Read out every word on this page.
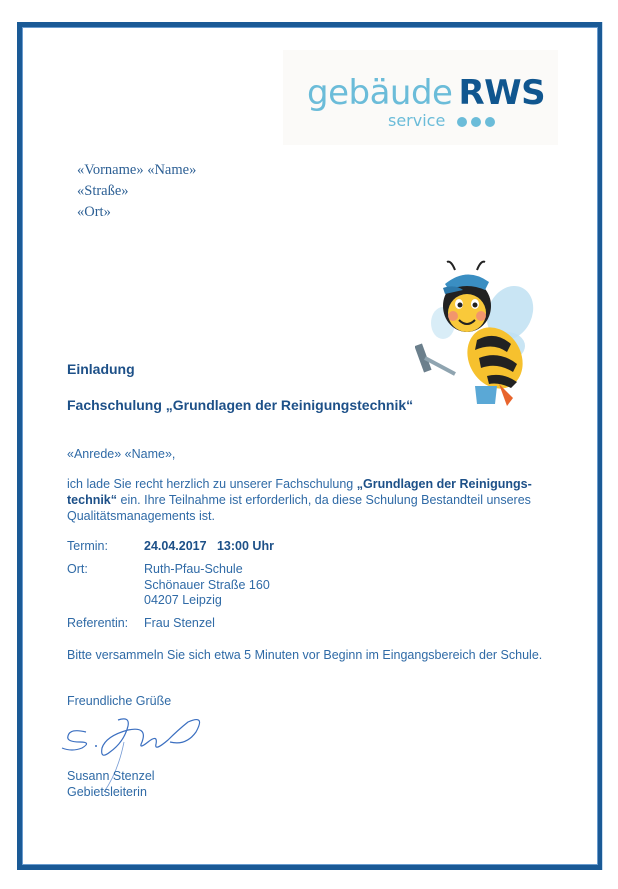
gebäude RWS
service
«Vorname» «Name»
«Straße»
«Ort»
Einladung
Fachschulung „Grundlagen der Reinigungstechnik“
«Anrede» «Name»,
ich lade Sie recht herzlich zu unserer Fachschulung „Grundlagen der Reinigungs-
technik“ ein. Ihre Teilnahme ist erforderlich, da diese Schulung Bestandteil unseres
Qualitätsmanagements ist.
Termin:	24.04.2017   13:00 Uhr
Ort:	Ruth-Pfau-Schule
Schönauer Straße 160
04207 Leipzig
Referentin: Frau Stenzel
Bitte versammeln Sie sich etwa 5 Minuten vor Beginn im Eingangsbereich der Schule.
Freundliche Grüße
Susann Stenzel
Gebietsleiterin
